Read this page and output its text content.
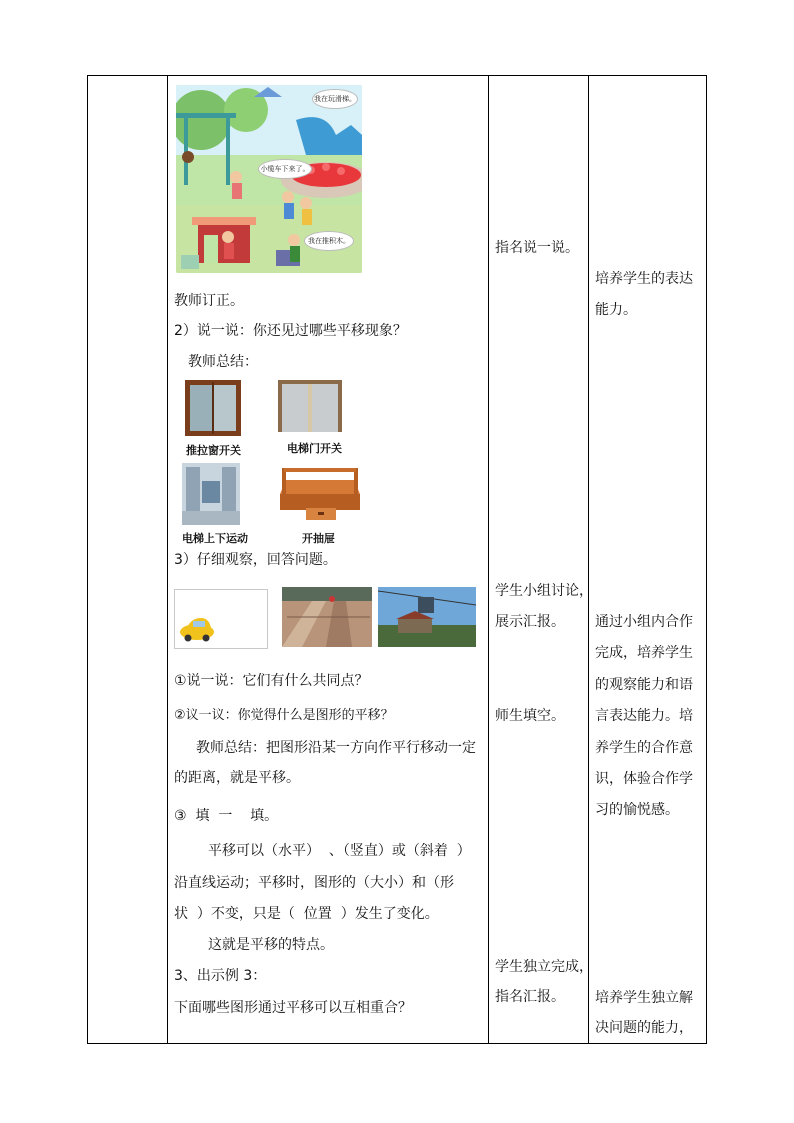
我在玩滑梯。
小缆车下来了。
我在推积木。
教师订正。
2）说一说：你还见过哪些平移现象？
教师总结：
推拉窗开关	电梯门开关
电梯上下运动	开抽屉
3）仔细观察，回答问题。
①说一说：它们有什么共同点？
②议一议：你觉得什么是图形的平移？
教师总结：把图形沿某一方向作平行移动一定
的距离，就是平移。
③  填  一    填。
平移可以（水平）  、（竖直）或（斜着  ）
沿直线运动；平移时，图形的（大小）和（形
状  ）不变，只是（  位置  ）发生了变化。
这就是平移的特点。
3、出示例 3：
下面哪些图形通过平移可以互相重合？
指名说一说。
学生小组讨论，
展示汇报。
师生填空。
学生独立完成，
指名汇报。
培养学生的表达
能力。
通过小组内合作
完成，培养学生
的观察能力和语
言表达能力。培
养学生的合作意
识，体验合作学
习的愉悦感。
培养学生独立解
决问题的能力，
